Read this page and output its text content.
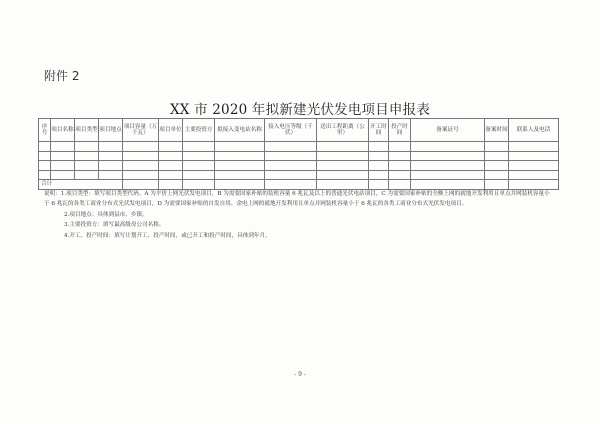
附件 2
XX 市 2020 年拟新建光伏发电项目申报表
序号	项目名称	项目类型	项目地点	项目容量（万千瓦）	项目单位	主要投资方	拟接入变电站名称	接入电压等级（千伏）	送出工程距离（公里）	开工时间	投产时间	备案证号	备案时间	联系人及电话

合计														

说明：1.项目类型：填写项目类型代码。A 为平价上网光伏发电项目，B 为需要国家补贴的装机容量 6 兆瓦及以上的普通光伏电站项目，C 为需要国家补贴的全额上网的就地开发利用且单点并网装机容量小于 6 兆瓦的各类工商业分布式光伏发电项目，D 为需要国家补贴的自发自用、余电上网的就地开发利用且单点并网装机容量小于 6 兆瓦的各类工商业分布式光伏发电项目。

2.项目地点：具体到县市、乡镇。

3.主要投资方：填写最高级母公司名称。

4.开工、投产时间：填写计划开工、投产时间，或已开工和投产时间，具体到年月。

- 9 -
